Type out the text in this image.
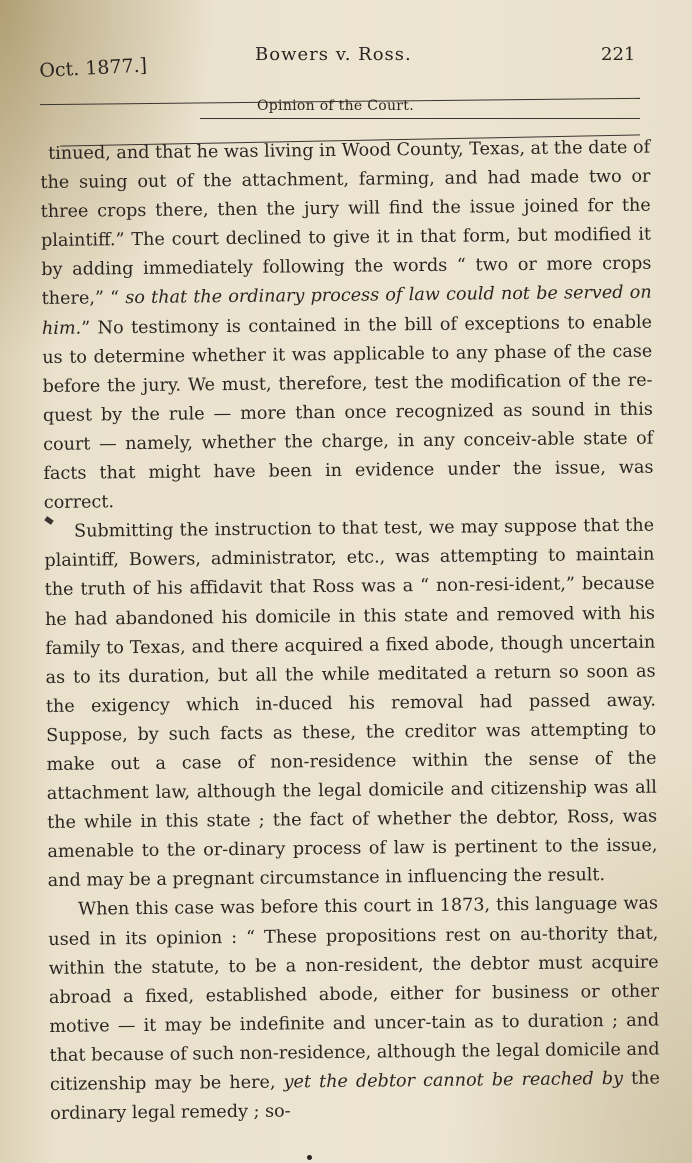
Oct. 1877.]	Bowers v. Ross.	221
Opinion of the Court.

tinued, and that he was living in Wood County, Texas, at the date of the suing out of the attachment, farming, and had made two or three crops there, then the jury will find the issue joined for the plaintiff.” The court declined to give it in that form, but modified it by adding immediately following the words “ two or more crops there,” “ so that the ordinary process of law could not be served on him.” No testimony is contained in the bill of exceptions to enable us to determine whether it was applicable to any phase of the case before the jury. We must, therefore, test the modification of the re-quest by the rule — more than once recognized as sound in this court — namely, whether the charge, in any conceiv-able state of facts that might have been in evidence under the issue, was correct.

Submitting the instruction to that test, we may suppose that the plaintiff, Bowers, administrator, etc., was attempting to maintain the truth of his affidavit that Ross was a “ non-resi-ident,” because he had abandoned his domicile in this state and removed with his family to Texas, and there acquired a fixed abode, though uncertain as to its duration, but all the while meditated a return so soon as the exigency which in-duced his removal had passed away. Suppose, by such facts as these, the creditor was attempting to make out a case of non-residence within the sense of the attachment law, although the legal domicile and citizenship was all the while in this state ; the fact of whether the debtor, Ross, was amenable to the or-dinary process of law is pertinent to the issue, and may be a pregnant circumstance in influencing the result.

When this case was before this court in 1873, this language was used in its opinion : “ These propositions rest on au-thority that, within the statute, to be a non-resident, the debtor must acquire abroad a fixed, established abode, either for business or other motive — it may be indefinite and uncer-tain as to duration ; and that because of such non-residence, although the legal domicile and citizenship may be here, yet the debtor cannot be reached by the ordinary legal remedy ; so-
